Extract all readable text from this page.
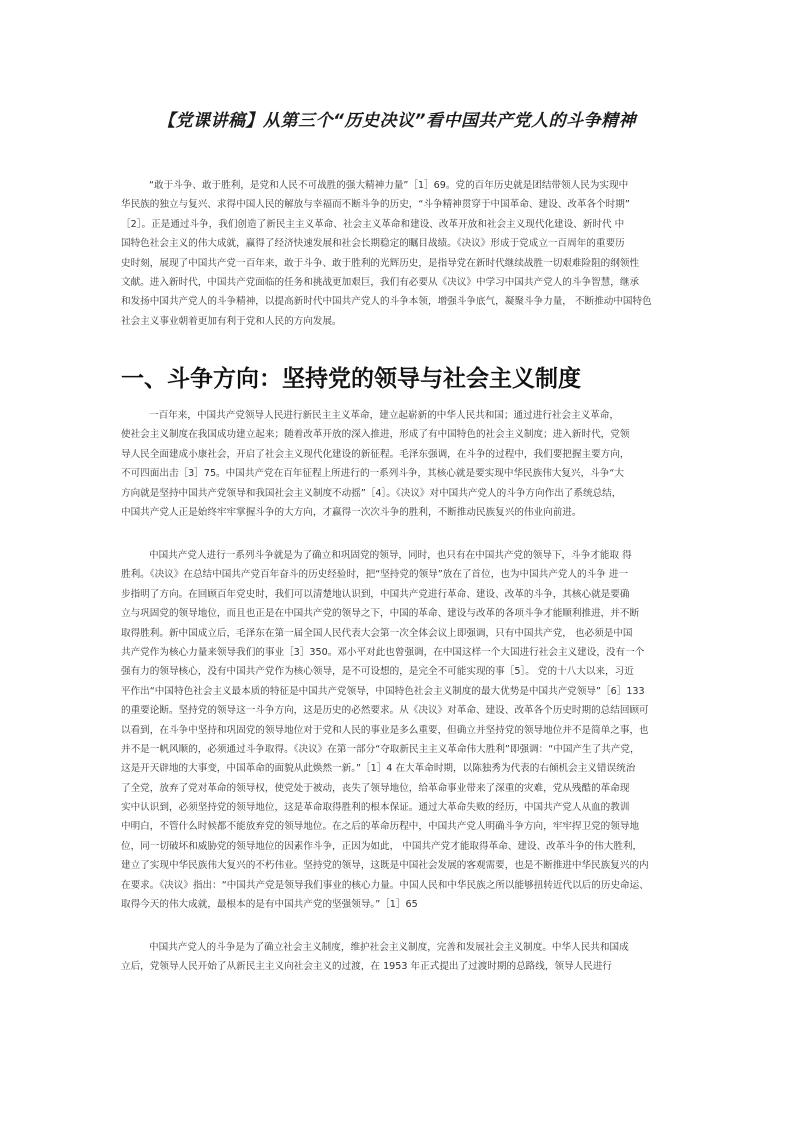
【党课讲稿】从第三个“历史决议”看中国共产党人的斗争精神
“敢于斗争、敢于胜利，是党和人民不可战胜的强大精神力量”［1］69。党的百年历史就是团结带领人民为实现中
华民族的独立与复兴、求得中国人民的解放与幸福而不断斗争的历史，“斗争精神贯穿于中国革命、建设、改革各个时期”
［2］。正是通过斗争，我们创造了新民主主义革命、社会主义革命和建设、改革开放和社会主义现代化建设、新时代 中
国特色社会主义的伟大成就，赢得了经济快速发展和社会长期稳定的瞩目战绩。《决议》形成于党成立一百周年的重要历
史时刻，展现了中国共产党一百年来，敢于斗争、敢于胜利的光辉历史，是指导党在新时代继续战胜一切艰难险阻的纲领性
文献。进入新时代，中国共产党面临的任务和挑战更加艰巨，我们有必要从《决议》中学习中国共产党人的斗争智慧，继承
和发扬中国共产党人的斗争精神，以提高新时代中国共产党人的斗争本领，增强斗争底气，凝聚斗争力量， 不断推动中国特色
社会主义事业朝着更加有利于党和人民的方向发展。
一、斗争方向：坚持党的领导与社会主义制度
一百年来，中国共产党领导人民进行新民主主义革命，建立起崭新的中华人民共和国；通过进行社会主义革命，
使社会主义制度在我国成功建立起来；随着改革开放的深入推进，形成了有中国特色的社会主义制度；进入新时代，党领
导人民全面建成小康社会，开启了社会主义现代化建设的新征程。毛泽东强调，在斗争的过程中，我们要把握主要方向，
不可四面出击［3］75。中国共产党在百年征程上所进行的一系列斗争，其核心就是要实现中华民族伟大复兴，斗争“大
方向就是坚持中国共产党领导和我国社会主义制度不动摇”［4］。《决议》对中国共产党人的斗争方向作出了系统总结，
中国共产党人正是始终牢牢掌握斗争的大方向，才赢得一次次斗争的胜利，不断推动民族复兴的伟业向前进。
中国共产党人进行一系列斗争就是为了确立和巩固党的领导，同时，也只有在中国共产党的领导下，斗争才能取 得
胜利。《决议》在总结中国共产党百年奋斗的历史经验时，把“坚持党的领导”放在了首位，也为中国共产党人的斗争 进一
步指明了方向。在回顾百年党史时，我们可以清楚地认识到，中国共产党进行革命、建设、改革的斗争，其核心就是要确
立与巩固党的领导地位，而且也正是在中国共产党的领导之下，中国的革命、建设与改革的各项斗争才能顺利推进，并不断
取得胜利。新中国成立后，毛泽东在第一届全国人民代表大会第一次全体会议上即强调，只有中国共产党， 也必须是中国
共产党作为核心力量来领导我们的事业［3］350。邓小平对此也曾强调，在中国这样一个大国进行社会主义建设，没有一个
强有力的领导核心，没有中国共产党作为核心领导，是不可设想的，是完全不可能实现的事［5］。 党的十八大以来，习近
平作出“中国特色社会主义最本质的特征是中国共产党领导，中国特色社会主义制度的最大优势是中国共产党领导”［6］133
的重要论断。坚持党的领导这一斗争方向，这是历史的必然要求。从《决议》对革命、建设、改革各个历史时期的总结回顾可
以看到，在斗争中坚持和巩固党的领导地位对于党和人民的事业是多么重要，但确立并坚持党的领导地位并不是简单之事，也
并不是一帆风顺的，必须通过斗争取得。《决议》在第一部分“夺取新民主主义革命伟大胜利”即强调：“中国产生了共产党，
这是开天辟地的大事变，中国革命的面貌从此焕然一新。”［1］4 在大革命时期，以陈独秀为代表的右倾机会主义错误统治
了全党，放弃了党对革命的领导权，使党处于被动，丧失了领导地位，给革命事业带来了深重的灾难，党从残酷的革命现
实中认识到，必须坚持党的领导地位，这是革命取得胜利的根本保证。通过大革命失败的经历，中国共产党人从血的教训
中明白，不管什么时候都不能放弃党的领导地位。在之后的革命历程中，中国共产党人明确斗争方向，牢牢捍卫党的领导地
位，同一切破坏和威胁党的领导地位的因素作斗争，正因为如此， 中国共产党才能取得革命、建设、改革斗争的伟大胜利，
建立了实现中华民族伟大复兴的不朽伟业。坚持党的领导，这既是中国社会发展的客观需要，也是不断推进中华民族复兴的内
在要求。《决议》指出：“中国共产党是领导我们事业的核心力量。中国人民和中华民族之所以能够扭转近代以后的历史命运、
取得今天的伟大成就，最根本的是有中国共产党的坚强领导。”［1］65
中国共产党人的斗争是为了确立社会主义制度，维护社会主义制度，完善和发展社会主义制度。中华人民共和国成
立后，党领导人民开始了从新民主主义向社会主义的过渡，在 1953 年正式提出了过渡时期的总路线，领导人民进行
